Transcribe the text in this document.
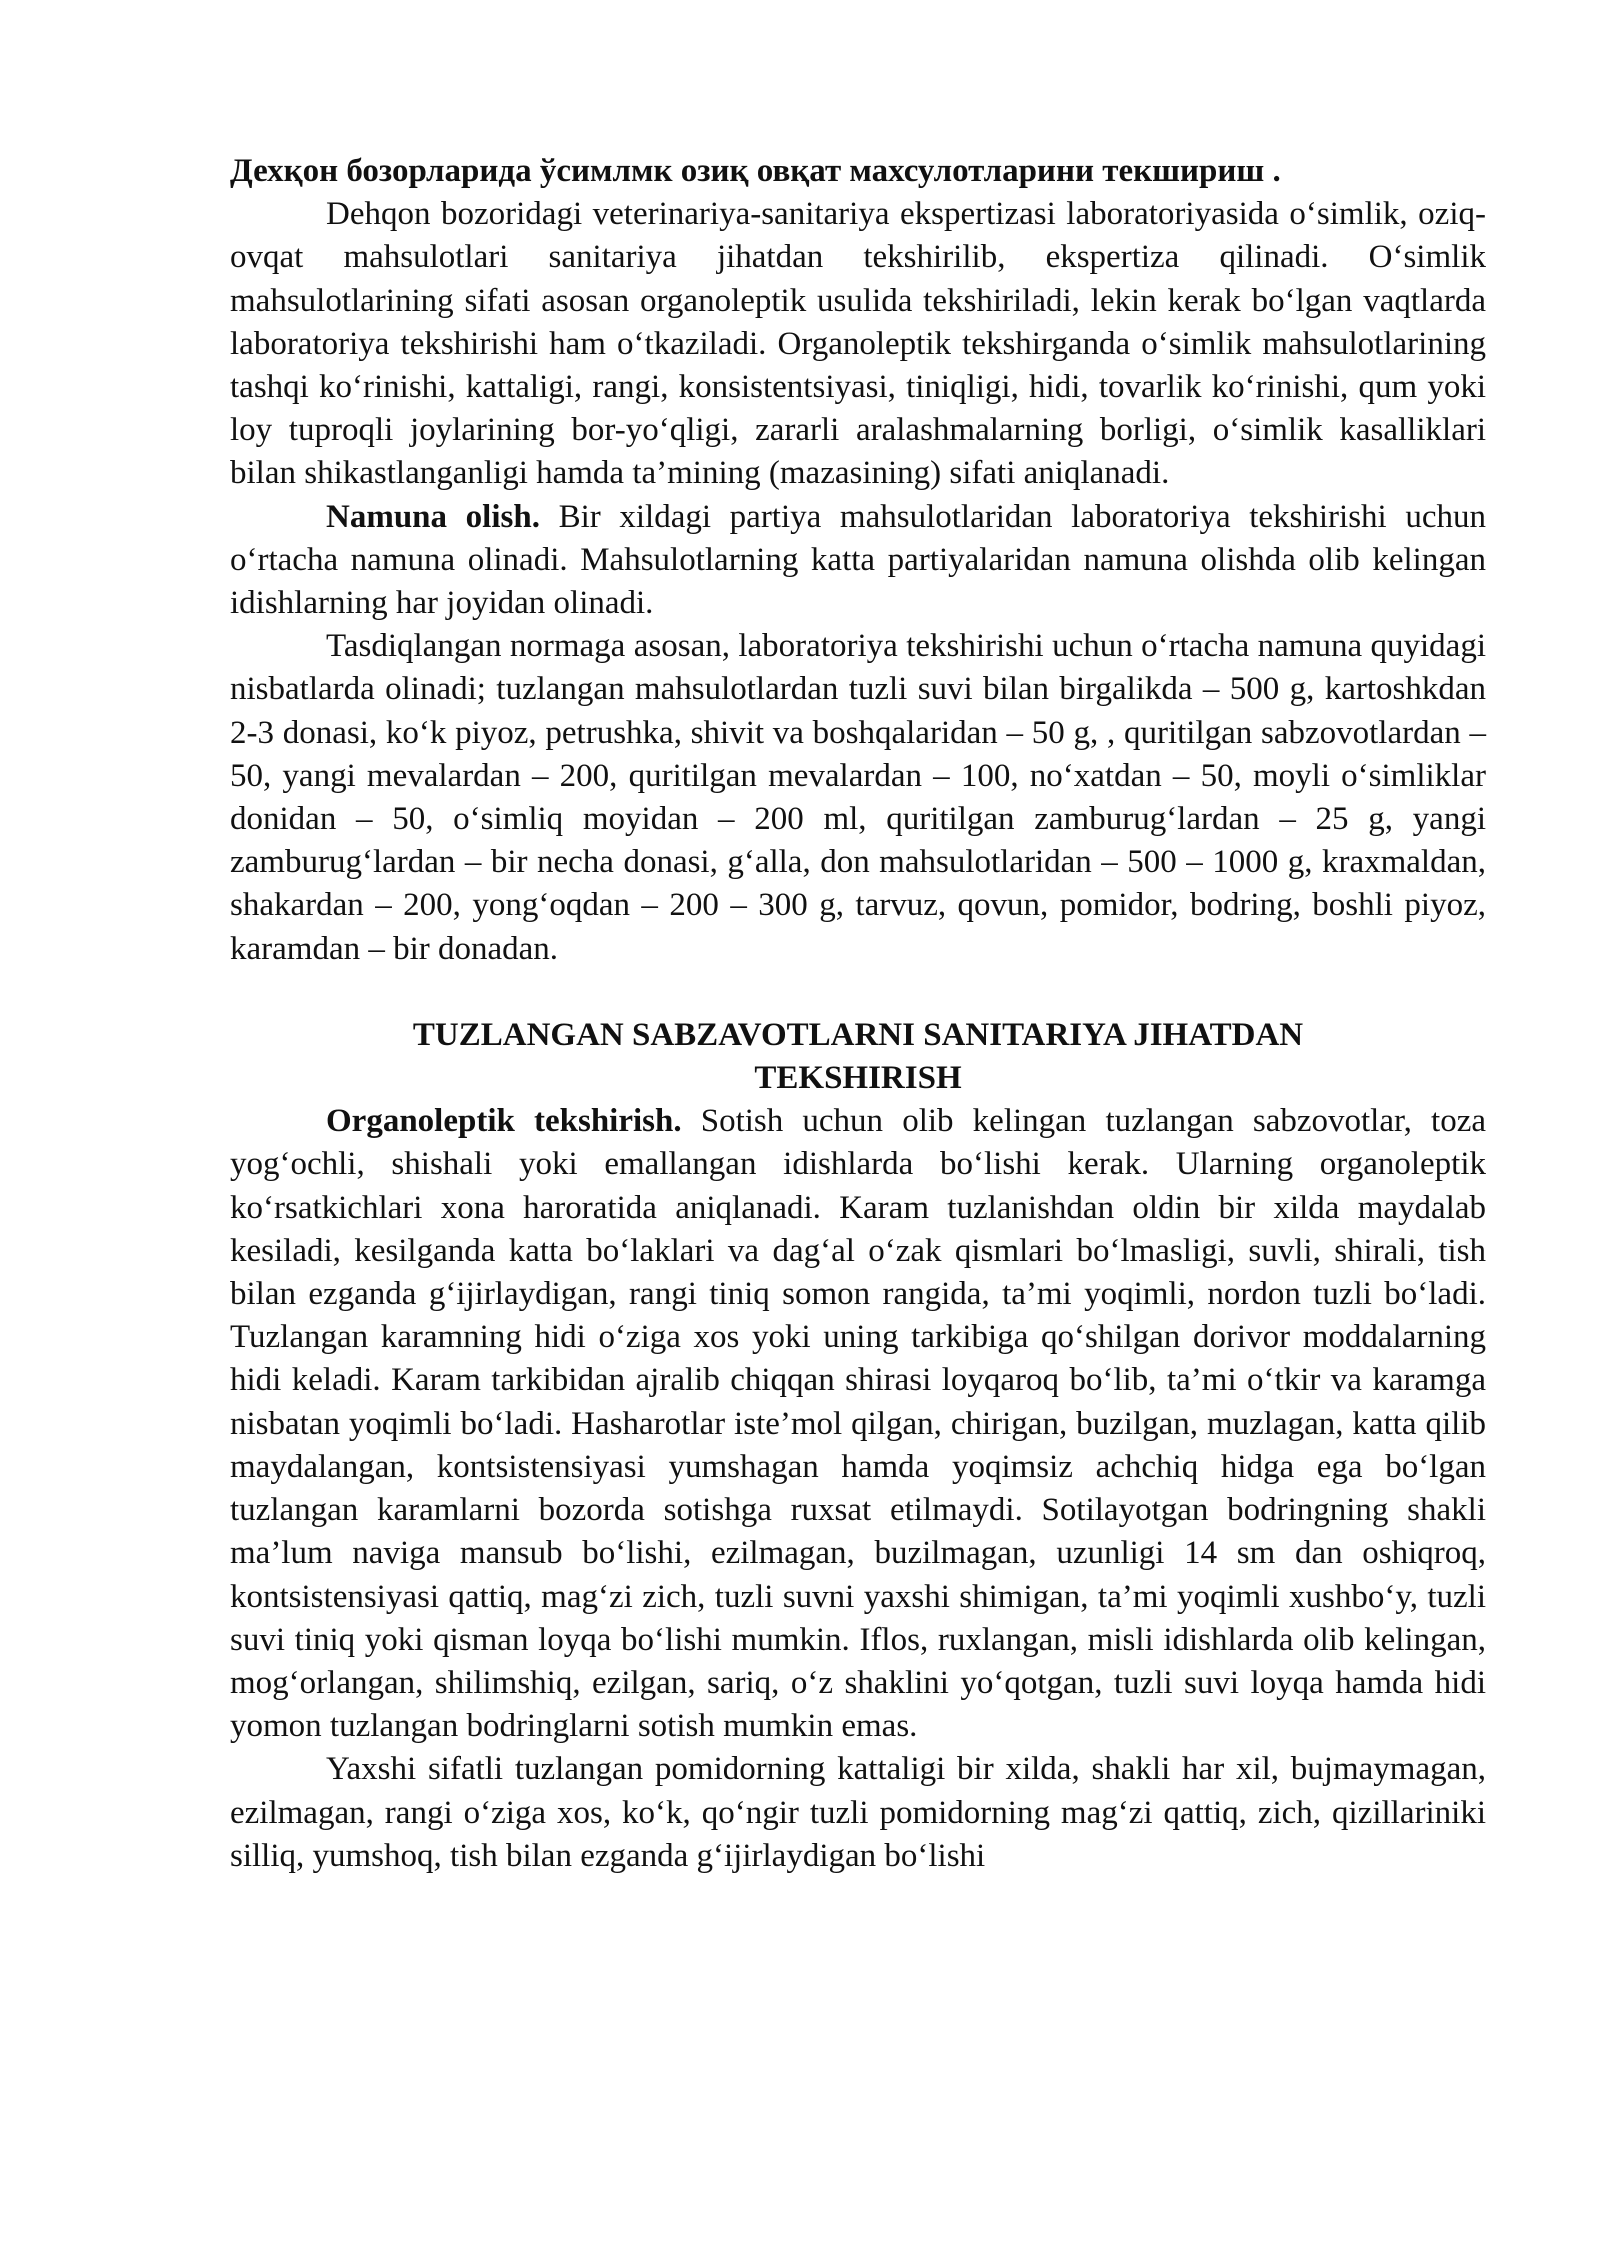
Дехқон бозорларида ўсимлмк озиқ овқат махсулотларини текшириш .

Dehqon bozoridagi veterinariya-sanitariya ekspertizasi laboratoriyasida o‘simlik, oziq-ovqat mahsulotlari sanitariya jihatdan tekshirilib, ekspertiza qilinadi. O‘simlik mahsulotlarining sifati asosan organoleptik usulida tekshiriladi, lekin kerak bo‘lgan vaqtlarda laboratoriya tekshirishi ham o‘tkaziladi. Organoleptik tekshirganda o‘simlik mahsulotlarining tashqi ko‘rinishi, kattaligi, rangi, konsistentsiyasi, tiniqligi, hidi, tovarlik ko‘rinishi, qum yoki loy tuproqli joylarining bor-yo‘qligi, zararli aralashmalarning borligi, o‘simlik kasalliklari bilan shikastlanganligi hamda ta’mining (mazasining) sifati aniqlanadi.

Namuna olish. Bir xildagi partiya mahsulotlaridan laboratoriya tekshirishi uchun o‘rtacha namuna olinadi. Mahsulotlarning katta partiyalaridan namuna olishda olib kelingan idishlarning har joyidan olinadi.

Tasdiqlangan normaga asosan, laboratoriya tekshirishi uchun o‘rtacha namuna quyidagi nisbatlarda olinadi; tuzlangan mahsulotlardan tuzli suvi bilan birgalikda – 500 g, kartoshkdan 2-3 donasi, ko‘k piyoz, petrushka, shivit va boshqalaridan – 50 g, , quritilgan sabzovotlardan – 50, yangi mevalardan – 200, quritilgan mevalardan – 100, no‘xatdan – 50, moyli o‘simliklar donidan – 50, o‘simliq moyidan – 200 ml, quritilgan zamburug‘lardan – 25 g, yangi zamburug‘lardan – bir necha donasi, g‘alla, don mahsulotlaridan – 500 – 1000 g, kraxmaldan, shakardan – 200, yong‘oqdan – 200 – 300 g, tarvuz, qovun, pomidor, bodring, boshli piyoz, karamdan – bir donadan.

TUZLANGAN SABZAVOTLARNI SANITARIYA JIHATDAN
TEKSHIRISH

Organoleptik tekshirish. Sotish uchun olib kelingan tuzlangan sabzovotlar, toza yog‘ochli, shishali yoki emallangan idishlarda bo‘lishi kerak. Ularning organoleptik ko‘rsatkichlari xona haroratida aniqlanadi. Karam tuzlanishdan oldin bir xilda maydalab kesiladi, kesilganda katta bo‘laklari va dag‘al o‘zak qismlari bo‘lmasligi, suvli, shirali, tish bilan ezganda g‘ijirlaydigan, rangi tiniq somon rangida, ta’mi yoqimli, nordon tuzli bo‘ladi. Tuzlangan karamning hidi o‘ziga xos yoki uning tarkibiga qo‘shilgan dorivor moddalarning hidi keladi. Karam tarkibidan ajralib chiqqan shirasi loyqaroq bo‘lib, ta’mi o‘tkir va karamga nisbatan yoqimli bo‘ladi. Hasharotlar iste’mol qilgan, chirigan, buzilgan, muzlagan, katta qilib maydalangan, kontsistensiyasi yumshagan hamda yoqimsiz achchiq hidga ega bo‘lgan tuzlangan karamlarni bozorda sotishga ruxsat etilmaydi. Sotilayotgan bodringning shakli ma’lum naviga mansub bo‘lishi, ezilmagan, buzilmagan, uzunligi 14 sm dan oshiqroq, kontsistensiyasi qattiq, mag‘zi zich, tuzli suvni yaxshi shimigan, ta’mi yoqimli xushbo‘y, tuzli suvi tiniq yoki qisman loyqa bo‘lishi mumkin. Iflos, ruxlangan, misli idishlarda olib kelingan, mog‘orlangan, shilimshiq, ezilgan, sariq, o‘z shaklini yo‘qotgan, tuzli suvi loyqa hamda hidi yomon tuzlangan bodringlarni sotish mumkin emas.

Yaxshi sifatli tuzlangan pomidorning kattaligi bir xilda, shakli har xil, bujmaymagan, ezilmagan, rangi o‘ziga xos, ko‘k, qo‘ngir tuzli pomidorning mag‘zi qattiq, zich, qizillariniki silliq, yumshoq, tish bilan ezganda g‘ijirlaydigan bo‘lishi
